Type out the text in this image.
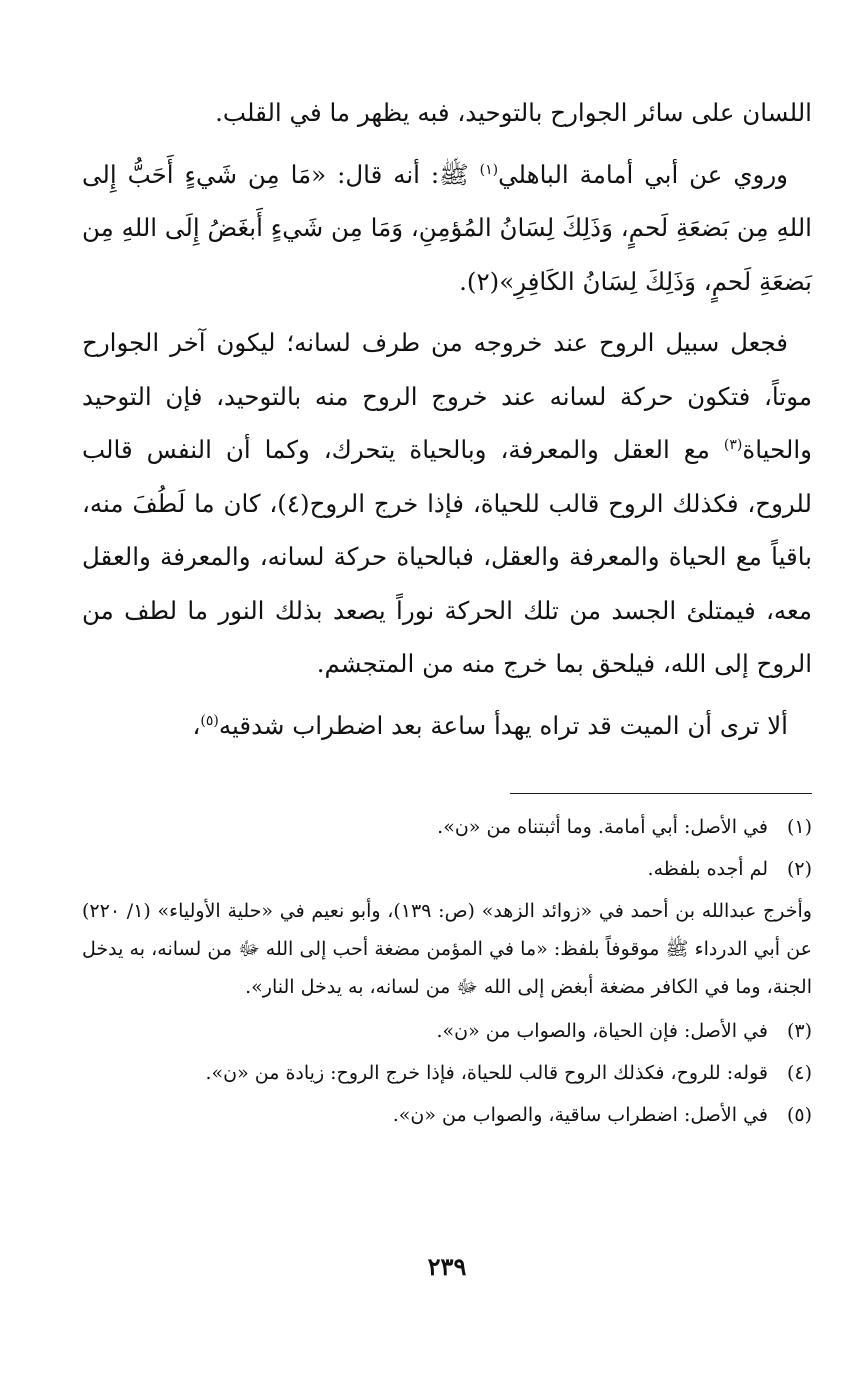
اللسان على سائر الجوارح بالتوحيد، فبه يظهر ما في القلب.

وروي عن أبي أمامة الباهلي$^{(١)}$ ﷺ: أنه قال: «مَا مِن شَيءٍ أَحَبُّ إِلى اللهِ مِن بَضعَةِ لَحمٍ، وَذَلِكَ لِسَانُ المُؤمِنِ، وَمَا مِن شَيءٍ أَبغَضُ إِلَى اللهِ مِن بَضعَةِ لَحمٍ، وَذَلِكَ لِسَانُ الكَافِرِ»(٢).

فجعل سبيل الروح عند خروجه من طرف لسانه؛ ليكون آخر الجوارح موتاً، فتكون حركة لسانه عند خروج الروح منه بالتوحيد، فإن التوحيد والحياة$^{(٣)}$ مع العقل والمعرفة، وبالحياة يتحرك، وكما أن النفس قالب للروح، فكذلك الروح قالب للحياة، فإذا خرج الروح(٤)، كان ما لَطُفَ منه، باقياً مع الحياة والمعرفة والعقل، فبالحياة حركة لسانه، والمعرفة والعقل معه، فيمتلئ الجسد من تلك الحركة نوراً يصعد بذلك النور ما لطف من الروح إلى الله، فيلحق بما خرج منه من المتجشم.

ألا ترى أن الميت قد تراه يهدأ ساعة بعد اضطراب شدقيه$^{(٥)}$،

(١)
في الأصل: أبي أمامة. وما أثبتناه من «ن».
(٢)
لم أجده بلفظه.
وأخرج عبدالله بن أحمد في «زوائد الزهد» (ص: ١٣٩)، وأبو نعيم في «حلية الأولياء» (١/ ٢٢٠) عن أبي الدرداء ﷺ موقوفاً بلفظ: «ما في المؤمن مضغة أحب إلى الله ﷻ من لسانه، به يدخل الجنة، وما في الكافر مضغة أبغض إلى الله ﷻ من لسانه، به يدخل النار».
(٣)
في الأصل: فإن الحياة، والصواب من «ن».
(٤)
قوله: للروح، فكذلك الروح قالب للحياة، فإذا خرج الروح: زيادة من «ن».
(٥)
في الأصل: اضطراب ساقية، والصواب من «ن».
٢٣٩
